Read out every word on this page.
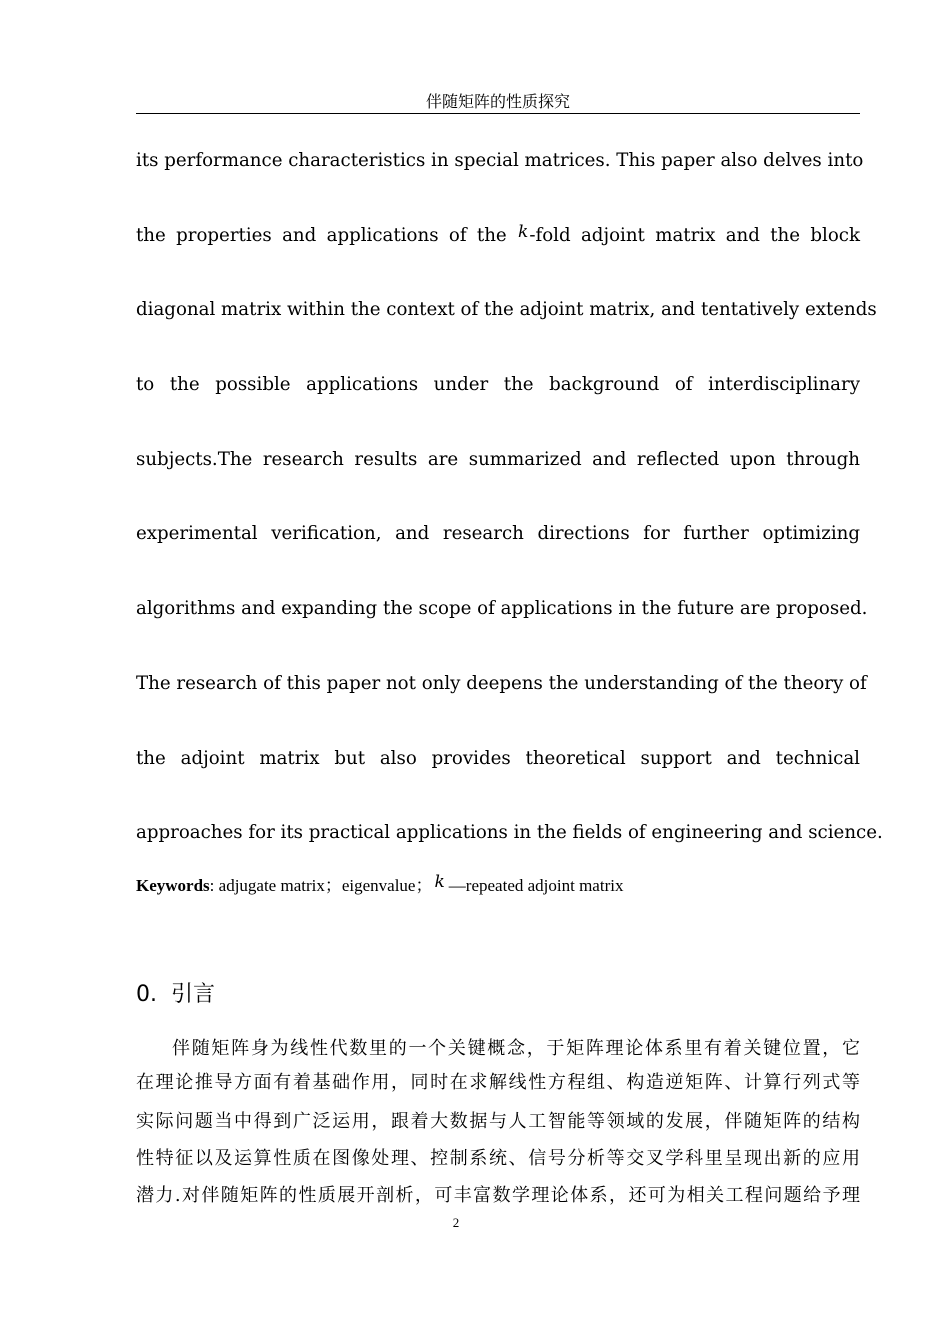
伴随矩阵的性质探究
its performance characteristics in special matrices. This paper also delves into
the properties and applications of the k-fold adjoint matrix and the block
diagonal matrix within the context of the adjoint matrix, and tentatively extends
to the possible applications under the background of interdisciplinary
subjects.The research results are summarized and reflected upon through
experimental verification, and research directions for further optimizing
algorithms and expanding the scope of applications in the future are proposed.
The research of this paper not only deepens the understanding of the theory of
the adjoint matrix but also provides theoretical support and technical
approaches for its practical applications in the fields of engineering and science.
Keywords: adjugate matrix；eigenvalue； k —repeated adjoint matrix
0. 引言
伴随矩阵身为线性代数里的一个关键概念，于矩阵理论体系里有着关键位置，它
在理论推导方面有着基础作用，同时在求解线性方程组、构造逆矩阵、计算行列式等
实际问题当中得到广泛运用，跟着大数据与人工智能等领域的发展，伴随矩阵的结构
性特征以及运算性质在图像处理、控制系统、信号分析等交叉学科里呈现出新的应用
潜力.对伴随矩阵的性质展开剖析，可丰富数学理论体系，还可为相关工程问题给予理
2
